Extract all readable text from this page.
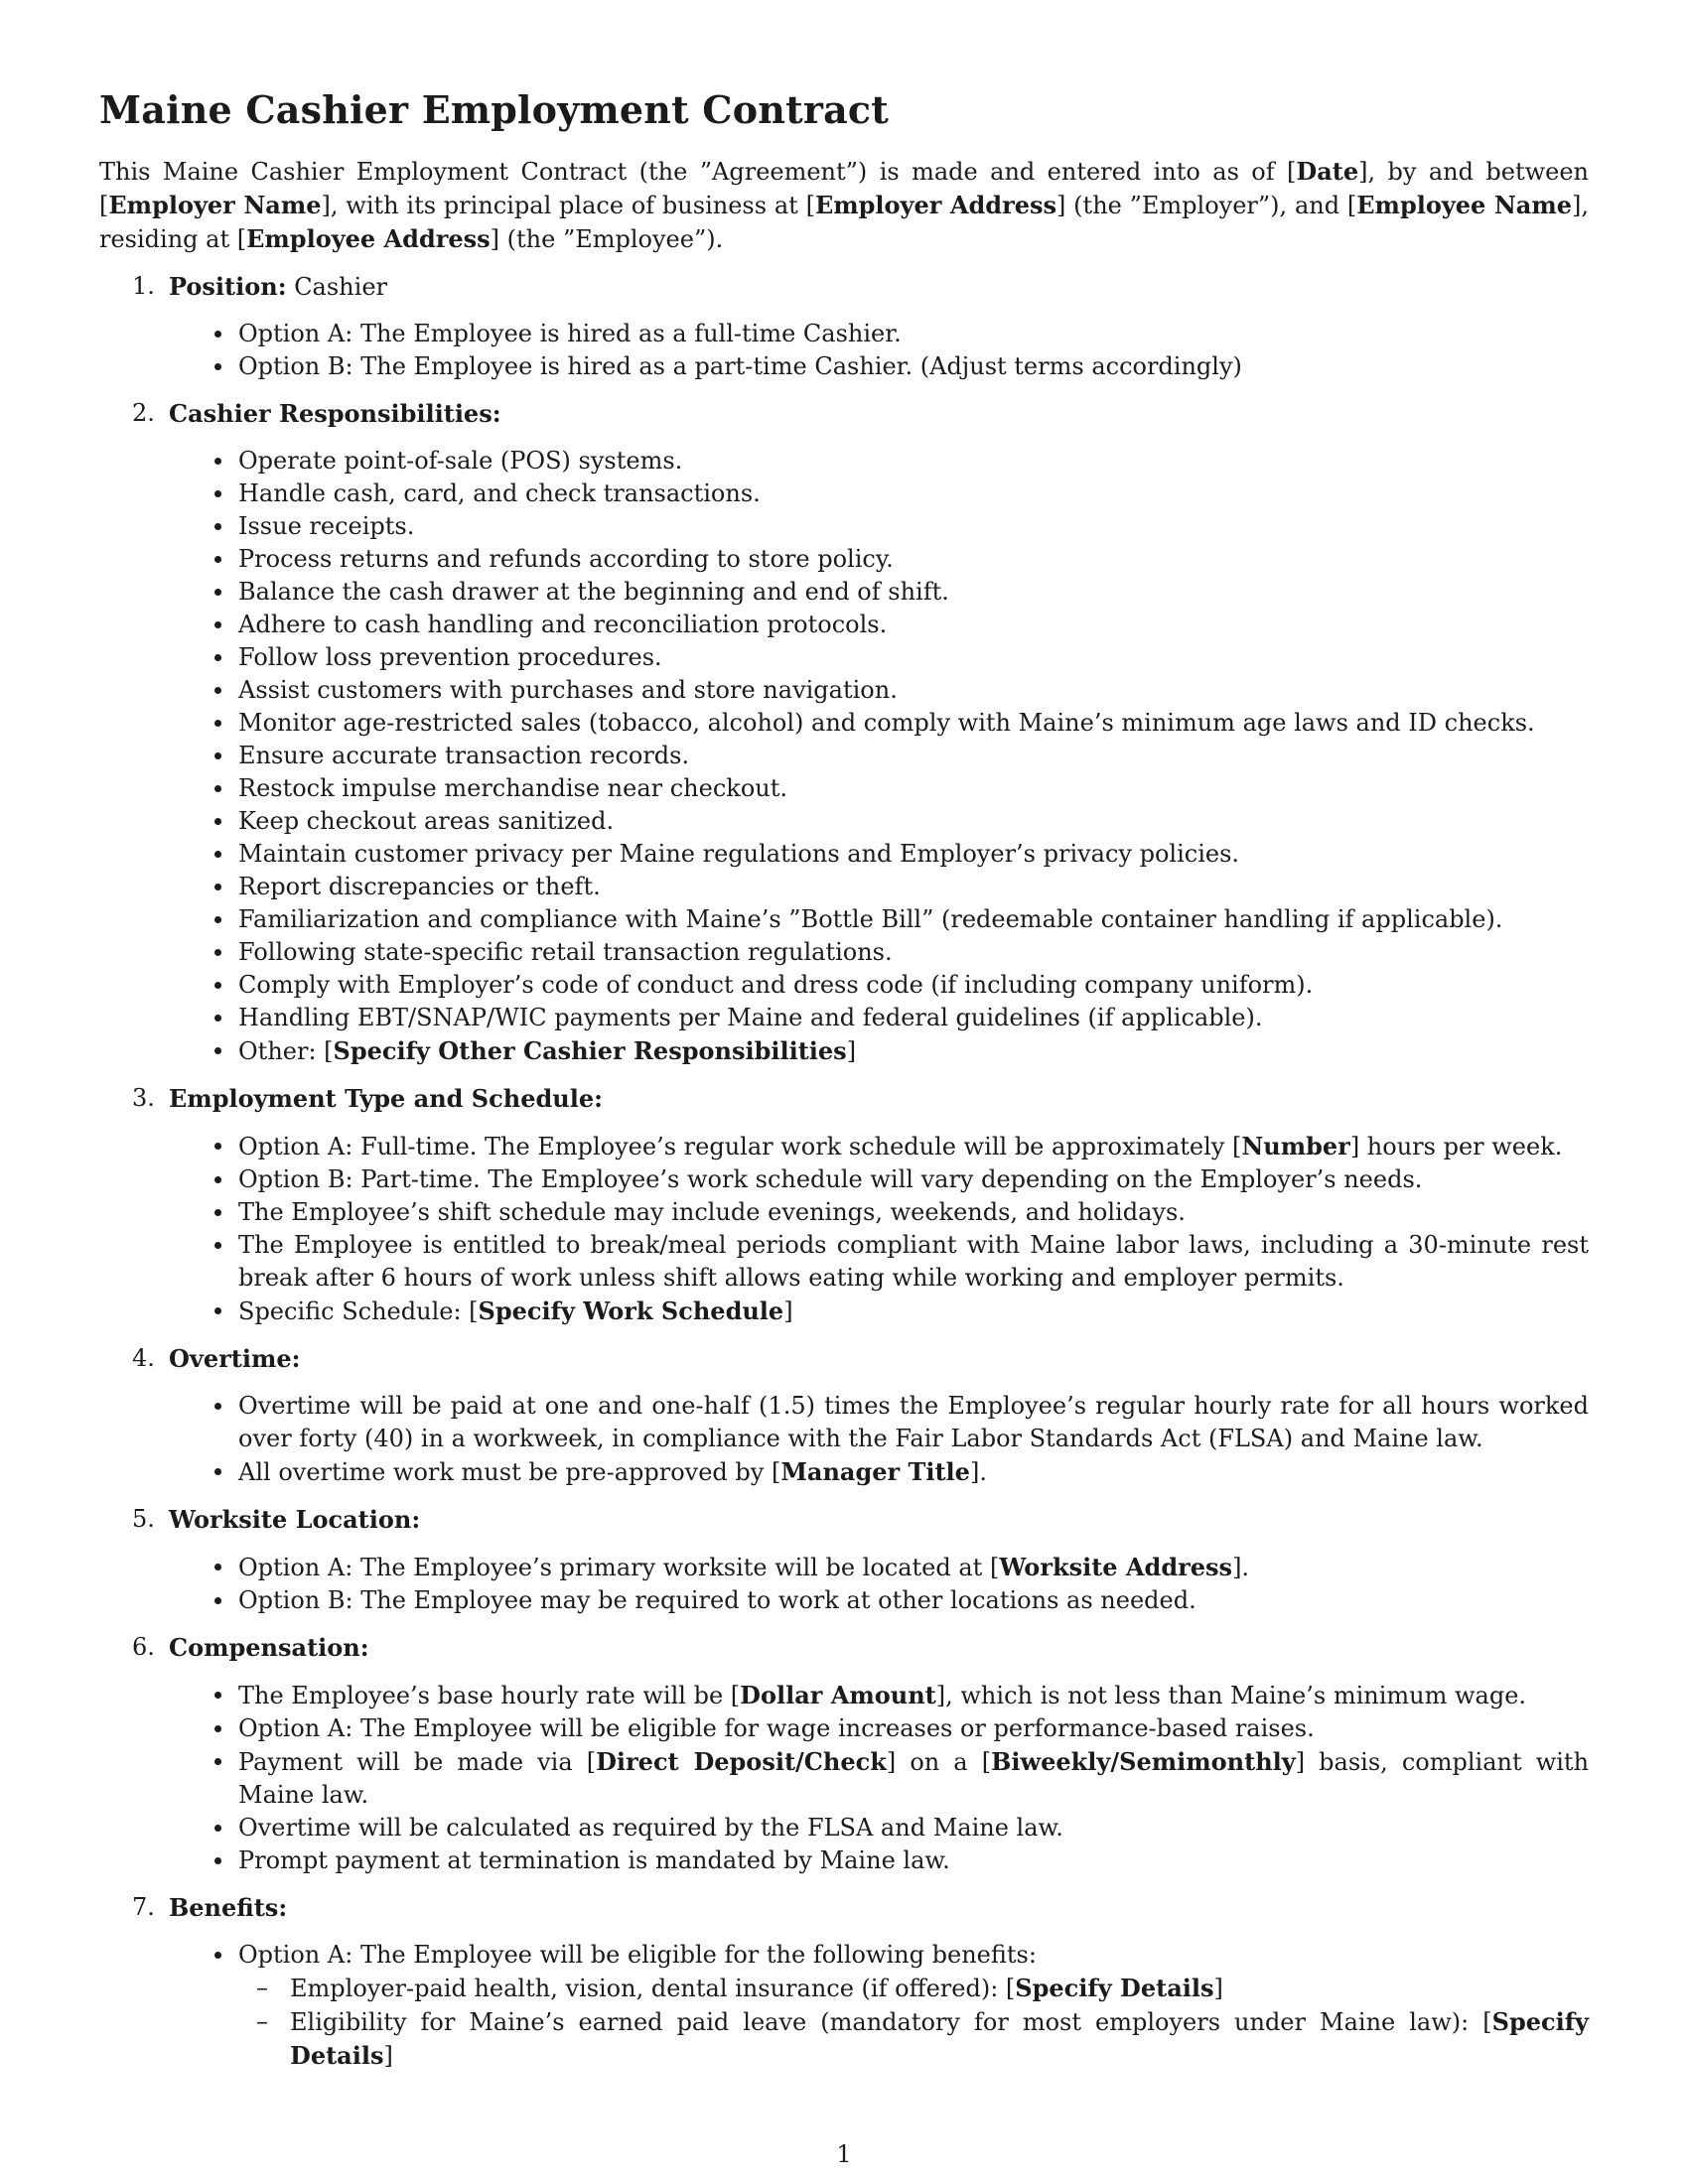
Maine Cashier Employment Contract

This Maine Cashier Employment Contract (the ”Agreement”) is made and entered into as of [Date], by and between [Employer Name], with its principal place of business at [Employer Address] (the ”Employer”), and [Employee Name], residing at [Employee Address] (the ”Employee”).

1. Position: Cashier
Option A: The Employee is hired as a full-time Cashier.
Option B: The Employee is hired as a part-time Cashier. (Adjust terms accordingly)
2. Cashier Responsibilities:
Operate point-of-sale (POS) systems.
Handle cash, card, and check transactions.
Issue receipts.
Process returns and refunds according to store policy.
Balance the cash drawer at the beginning and end of shift.
Adhere to cash handling and reconciliation protocols.
Follow loss prevention procedures.
Assist customers with purchases and store navigation.
Monitor age-restricted sales (tobacco, alcohol) and comply with Maine’s minimum age laws and ID checks.
Ensure accurate transaction records.
Restock impulse merchandise near checkout.
Keep checkout areas sanitized.
Maintain customer privacy per Maine regulations and Employer’s privacy policies.
Report discrepancies or theft.
Familiarization and compliance with Maine’s ”Bottle Bill” (redeemable container handling if applicable).
Following state-specific retail transaction regulations.
Comply with Employer’s code of conduct and dress code (if including company uniform).
Handling EBT/SNAP/WIC payments per Maine and federal guidelines (if applicable).
Other: [Specify Other Cashier Responsibilities]
3. Employment Type and Schedule:
Option A: Full-time. The Employee’s regular work schedule will be approximately [Number] hours per week.
Option B: Part-time. The Employee’s work schedule will vary depending on the Employer’s needs.
The Employee’s shift schedule may include evenings, weekends, and holidays.
The Employee is entitled to break/meal periods compliant with Maine labor laws, including a 30-minute rest break after 6 hours of work unless shift allows eating while working and employer permits.
Specific Schedule: [Specify Work Schedule]
4. Overtime:
Overtime will be paid at one and one-half (1.5) times the Employee’s regular hourly rate for all hours worked over forty (40) in a workweek, in compliance with the Fair Labor Standards Act (FLSA) and Maine law.
All overtime work must be pre-approved by [Manager Title].
5. Worksite Location:
Option A: The Employee’s primary worksite will be located at [Worksite Address].
Option B: The Employee may be required to work at other locations as needed.
6. Compensation:
The Employee’s base hourly rate will be [Dollar Amount], which is not less than Maine’s minimum wage.
Option A: The Employee will be eligible for wage increases or performance-based raises.
Payment will be made via [Direct Deposit/Check] on a [Biweekly/Semimonthly] basis, compliant with Maine law.
Overtime will be calculated as required by the FLSA and Maine law.
Prompt payment at termination is mandated by Maine law.
7. Benefits:
Option A: The Employee will be eligible for the following benefits:
– Employer-paid health, vision, dental insurance (if offered): [Specify Details]
– Eligibility for Maine’s earned paid leave (mandatory for most employers under Maine law): [Specify Details]
1
